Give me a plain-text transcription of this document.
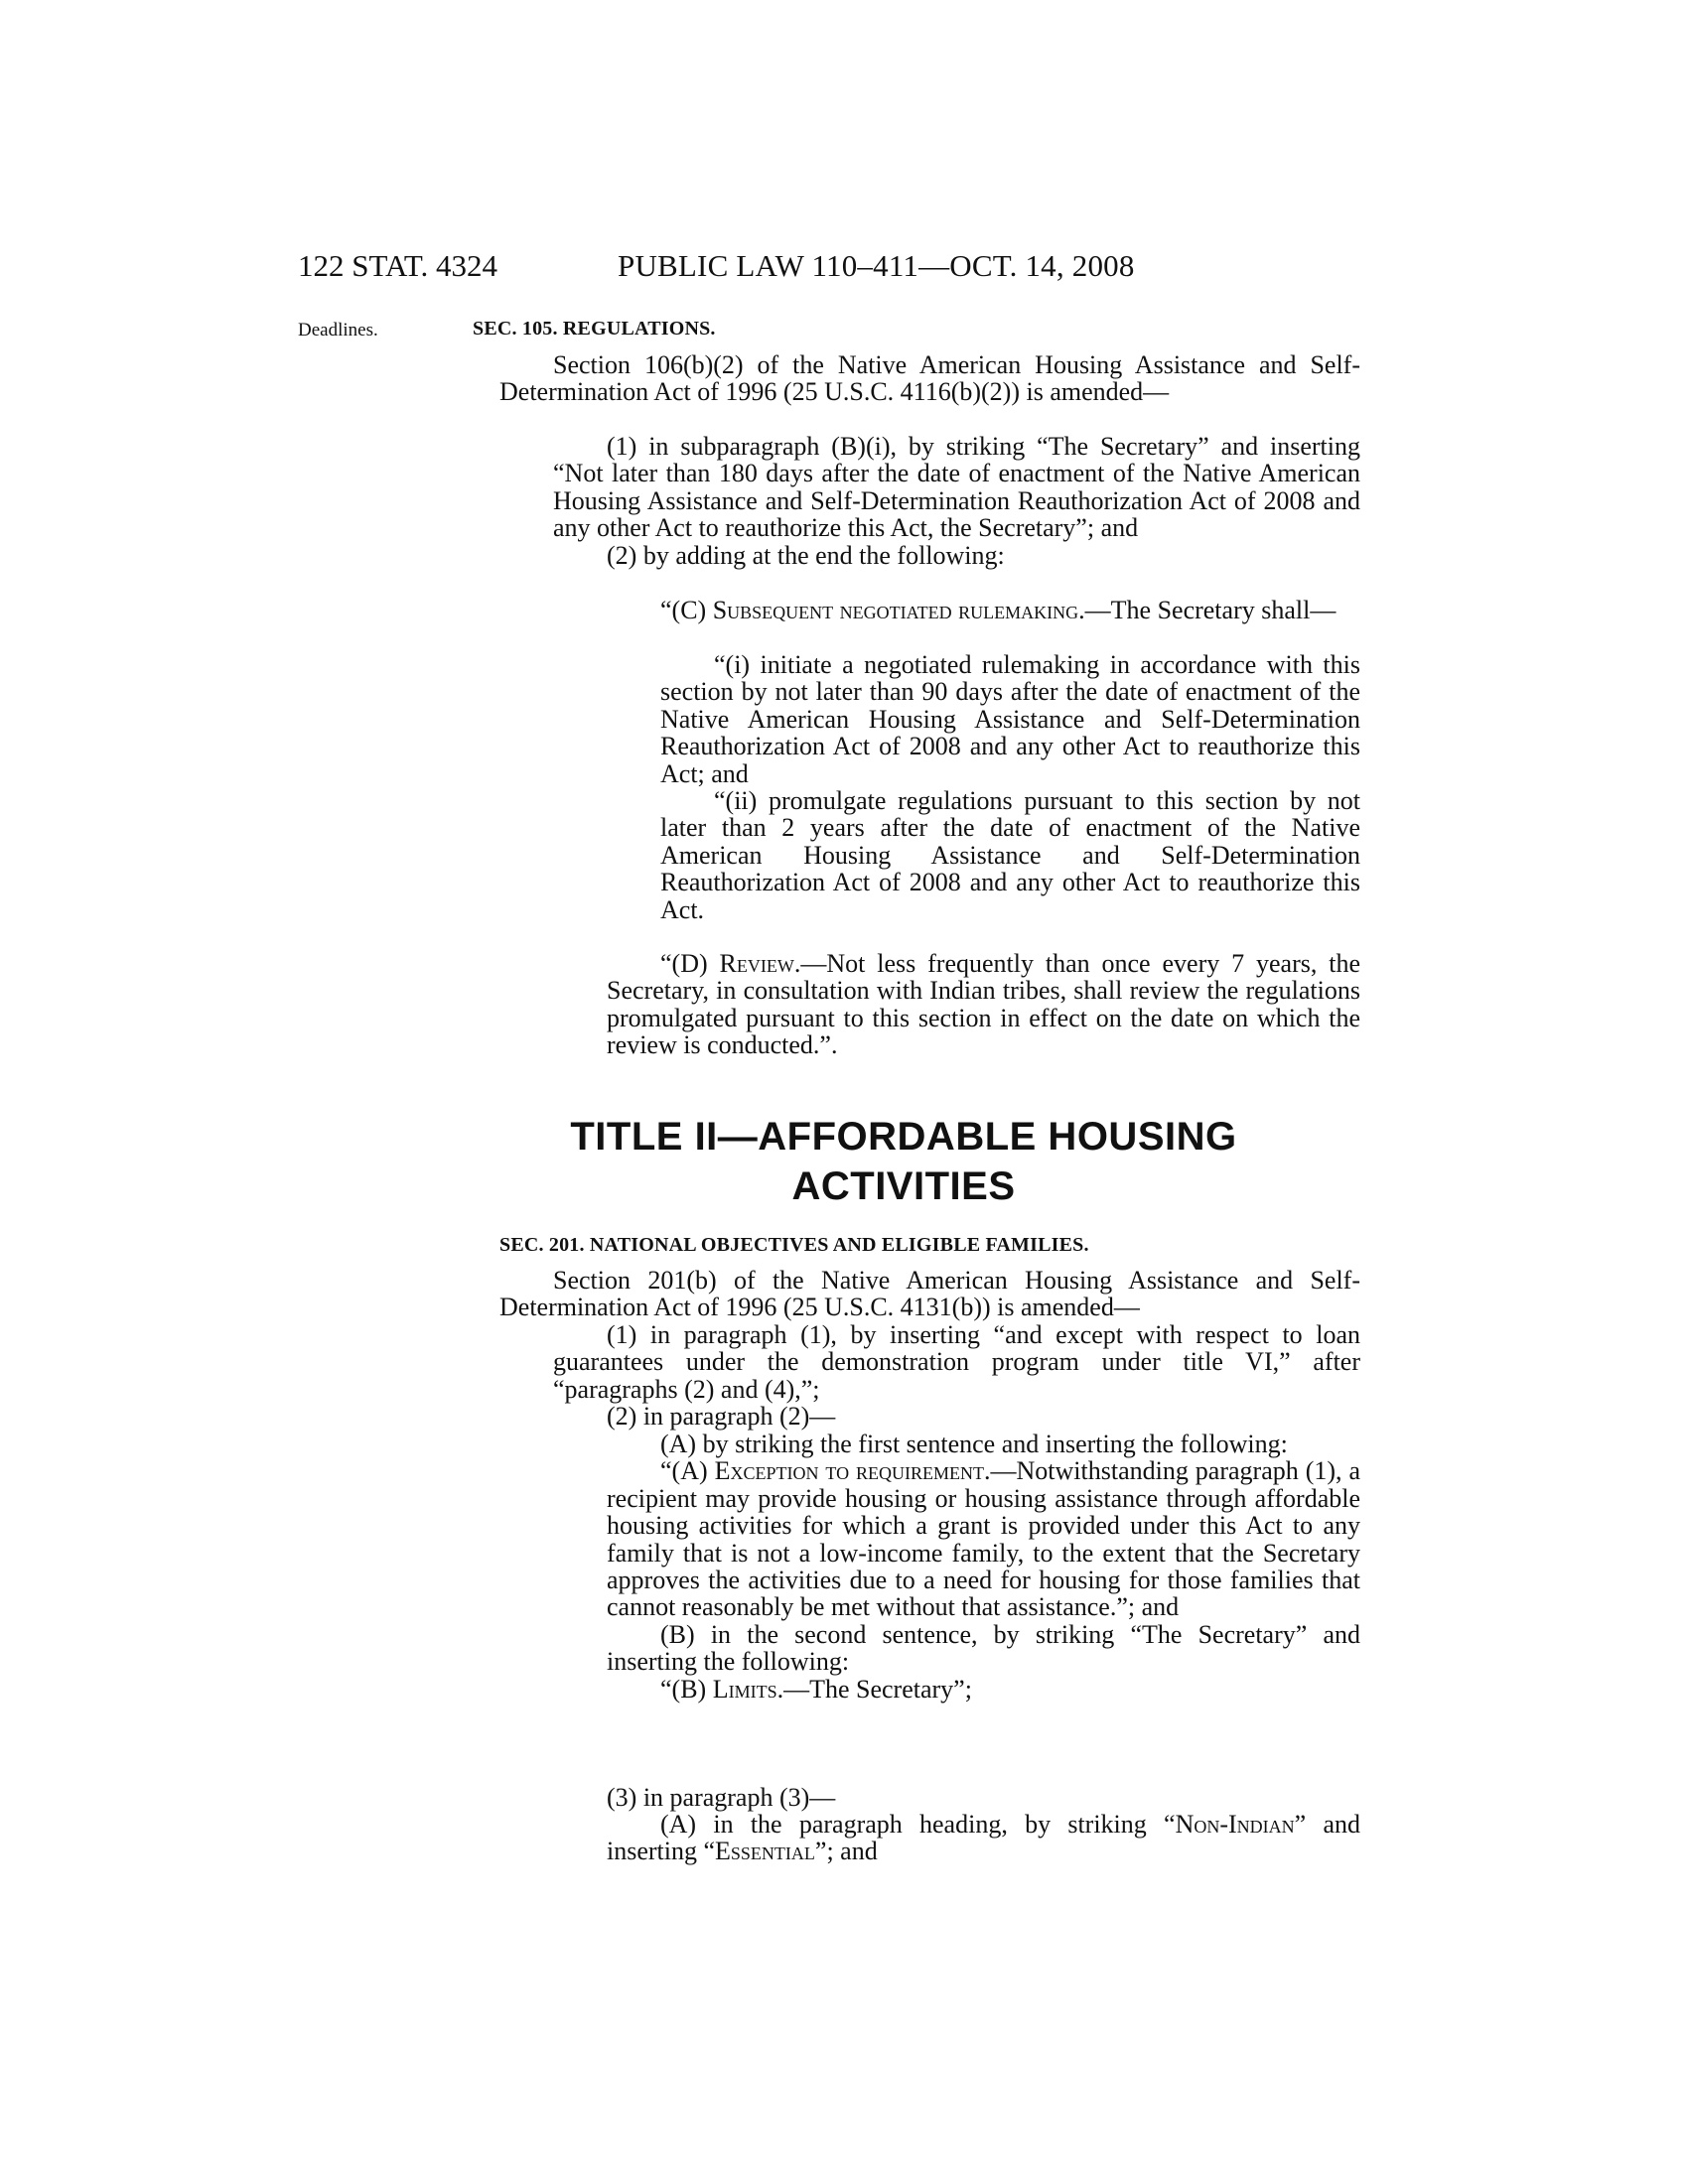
122 STAT. 4324	PUBLIC LAW 110–411—OCT. 14, 2008
Deadlines.	SEC. 105. REGULATIONS.
Section 106(b)(2) of the Native American Housing Assistance and Self-Determination Act of 1996 (25 U.S.C. 4116(b)(2)) is amended—
(1) in subparagraph (B)(i), by striking “The Secretary” and inserting “Not later than 180 days after the date of enactment of the Native American Housing Assistance and Self-Determination Reauthorization Act of 2008 and any other Act to reauthorize this Act, the Secretary”; and
(2) by adding at the end the following:
“(C) Subsequent negotiated rulemaking.—The Secretary shall—
“(i) initiate a negotiated rulemaking in accordance with this section by not later than 90 days after the date of enactment of the Native American Housing Assistance and Self-Determination Reauthorization Act of 2008 and any other Act to reauthorize this Act; and
“(ii) promulgate regulations pursuant to this section by not later than 2 years after the date of enactment of the Native American Housing Assistance and Self-Determination Reauthorization Act of 2008 and any other Act to reauthorize this Act.
“(D) Review.—Not less frequently than once every 7 years, the Secretary, in consultation with Indian tribes, shall review the regulations promulgated pursuant to this section in effect on the date on which the review is conducted.”.
TITLE II—AFFORDABLE HOUSING
ACTIVITIES
SEC. 201. NATIONAL OBJECTIVES AND ELIGIBLE FAMILIES.
Section 201(b) of the Native American Housing Assistance and Self-Determination Act of 1996 (25 U.S.C. 4131(b)) is amended—
(1) in paragraph (1), by inserting “and except with respect to loan guarantees under the demonstration program under title VI,” after “paragraphs (2) and (4),”;
(2) in paragraph (2)—
(A) by striking the first sentence and inserting the following:
“(A) Exception to requirement.—Notwithstanding paragraph (1), a recipient may provide housing or housing assistance through affordable housing activities for which a grant is provided under this Act to any family that is not a low-income family, to the extent that the Secretary approves the activities due to a need for housing for those families that cannot reasonably be met without that assistance.”; and
(B) in the second sentence, by striking “The Secretary” and inserting the following:
“(B) Limits.—The Secretary”;
(3) in paragraph (3)—
(A) in the paragraph heading, by striking “Non-Indian” and inserting “Essential”; and
